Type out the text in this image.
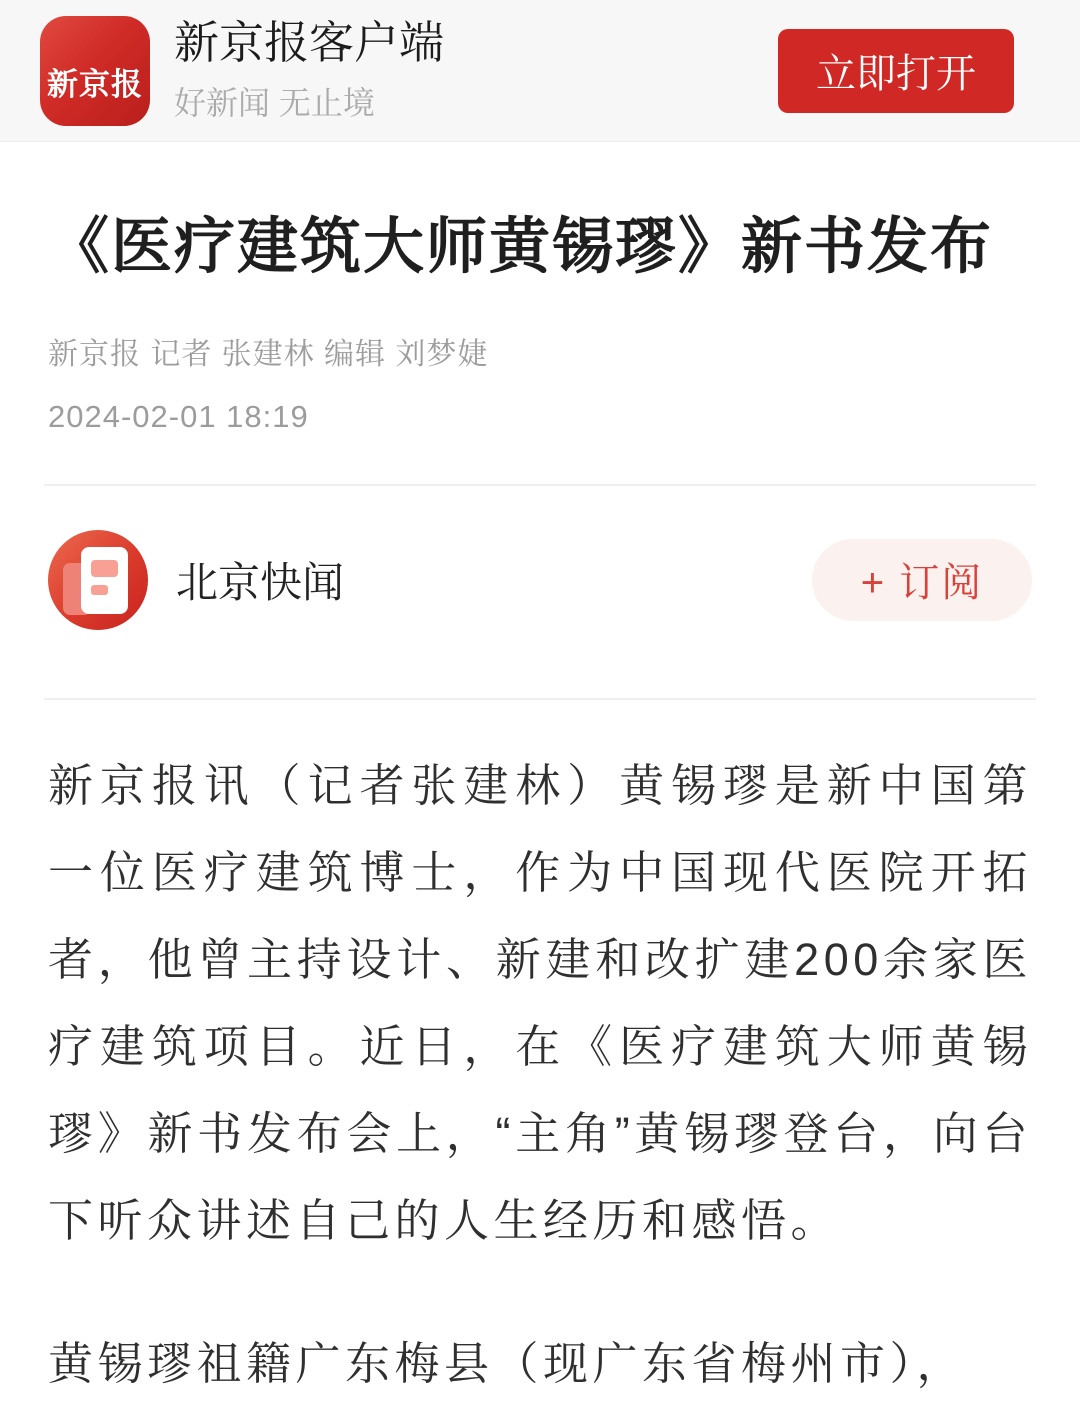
新京报
新京报客户端
好新闻 无止境
立即打开
《医疗建筑大师黄锡璆》新书发布
新京报 记者 张建林 编辑 刘梦婕
2024-02-01 18:19
北京快闻	+ 订阅

新京报讯（记者张建林）黄锡璆是新中国第一位医疗建筑博士，作为中国现代医院开拓者，他曾主持设计、新建和改扩建200余家医疗建筑项目。近日，在《医疗建筑大师黄锡璆》新书发布会上，“主角”黄锡璆登台，向台下听众讲述自己的人生经历和感悟。

黄锡璆祖籍广东梅县（现广东省梅州市），
